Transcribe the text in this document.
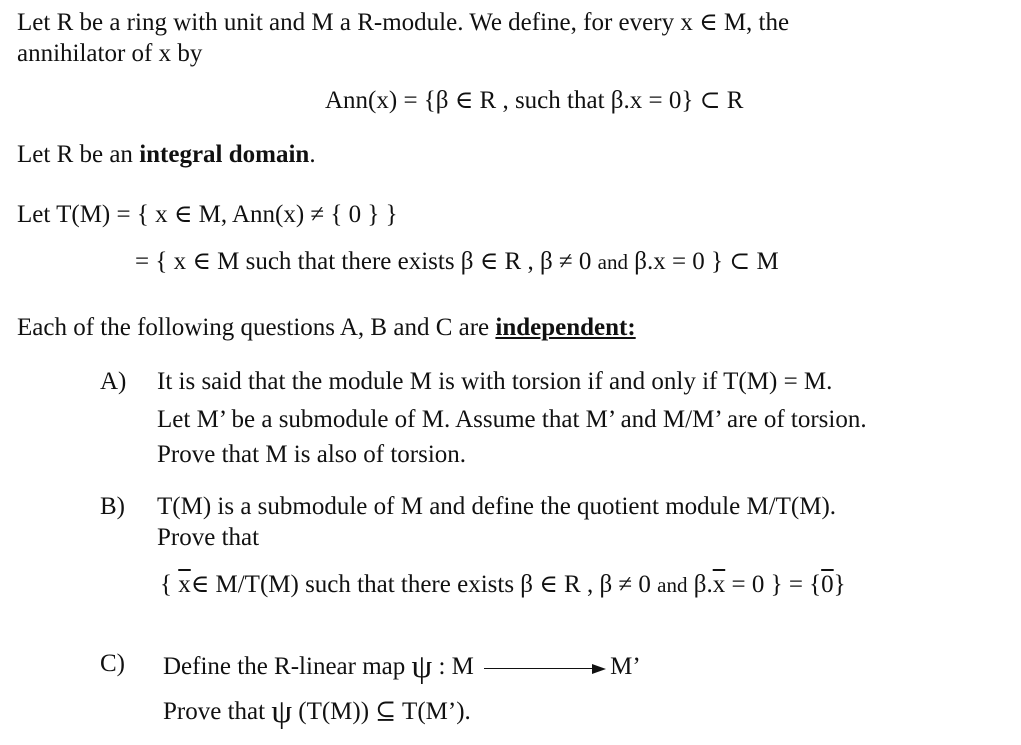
Let R be a ring with unit and M a R-module. We define, for every x ∈ M, the
annihilator of x by
Ann(x) = {β ∈ R , such that β.x = 0} ⊂ R
Let R be an integral domain.
Let T(M) = { x ∈ M, Ann(x) ≠ { 0 } }
= { x ∈ M such that there exists β ∈ R , β ≠ 0 and β.x = 0 } ⊂ M
Each of the following questions A, B and C are independent:
A) It is said that the module M is with torsion if and only if T(M) = M.
Let M’ be a submodule of M. Assume that M’ and M/M’ are of torsion.
Prove that M is also of torsion.
B) T(M) is a submodule of M and define the quotient module M/T(M).
Prove that
{ $\overline{x}\in$ M/T(M) such that there exists β ∈ R , β ≠ 0 and $\beta.\overline{x} = 0$ } = {0}
C) Define the R-linear map ψ : M	M’
Prove that ψ (T(M)) ⊆ T(M’).
